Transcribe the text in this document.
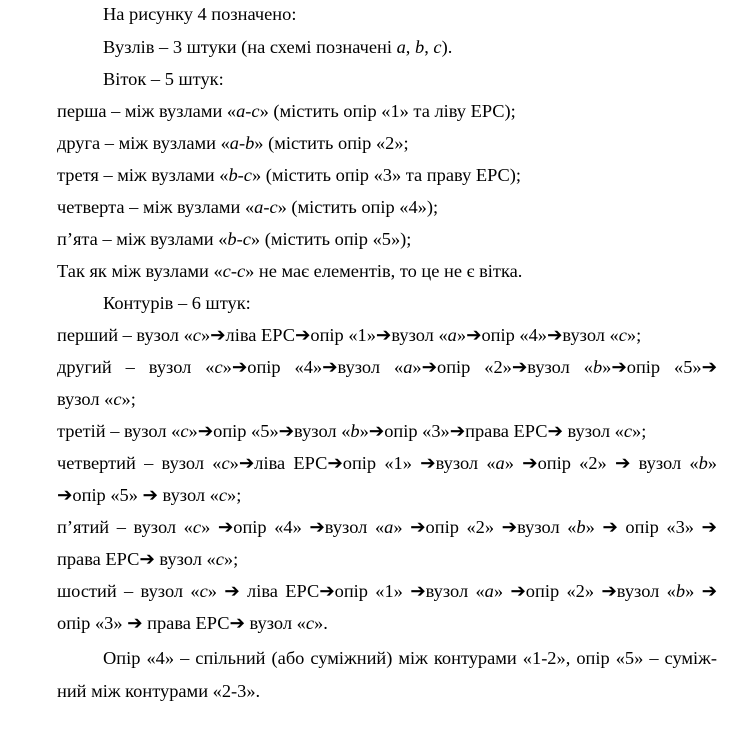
На рисунку 4 позначено:
Вузлів – 3 штуки (на схемі позначені a, b, c).
Віток – 5 штук:
перша – між вузлами «a-c» (містить опір «1» та ліву ЕРС);
друга – між вузлами «a-b» (містить опір «2»;
третя – між вузлами «b-c» (містить опір «3» та праву ЕРС);
четверта – між вузлами «a-c» (містить опір «4»);
п’ята – між вузлами «b-c» (містить опір «5»);
Так як між вузлами «c-c» не має елементів, то це не є вітка.
Контурів – 6 штук:
перший – вузол «c»➔ліва ЕРС➔опір «1»➔вузол «a»➔опір «4»➔вузол «c»;
другий – вузол «c»➔опір «4»➔вузол «a»➔опір «2»➔вузол «b»➔опір «5»➔
вузол «c»;
третій – вузол «c»➔опір «5»➔вузол «b»➔опір «3»➔права ЕРС➔ вузол «c»;
четвертий – вузол «c»➔ліва ЕРС➔опір «1» ➔вузол «a» ➔опір «2» ➔ вузол «b»
➔опір «5» ➔ вузол «c»;
п’ятий – вузол «c» ➔опір «4» ➔вузол «a» ➔опір «2» ➔вузол «b» ➔ опір «3» ➔
права ЕРС➔ вузол «c»;
шостий – вузол «c» ➔ ліва ЕРС➔опір «1» ➔вузол «a» ➔опір «2» ➔вузол «b» ➔
опір «3» ➔ права ЕРС➔ вузол «c».
Опір «4» – спільний (або суміжний) між контурами «1-2», опір «5» – суміж-
ний між контурами «2-3».
